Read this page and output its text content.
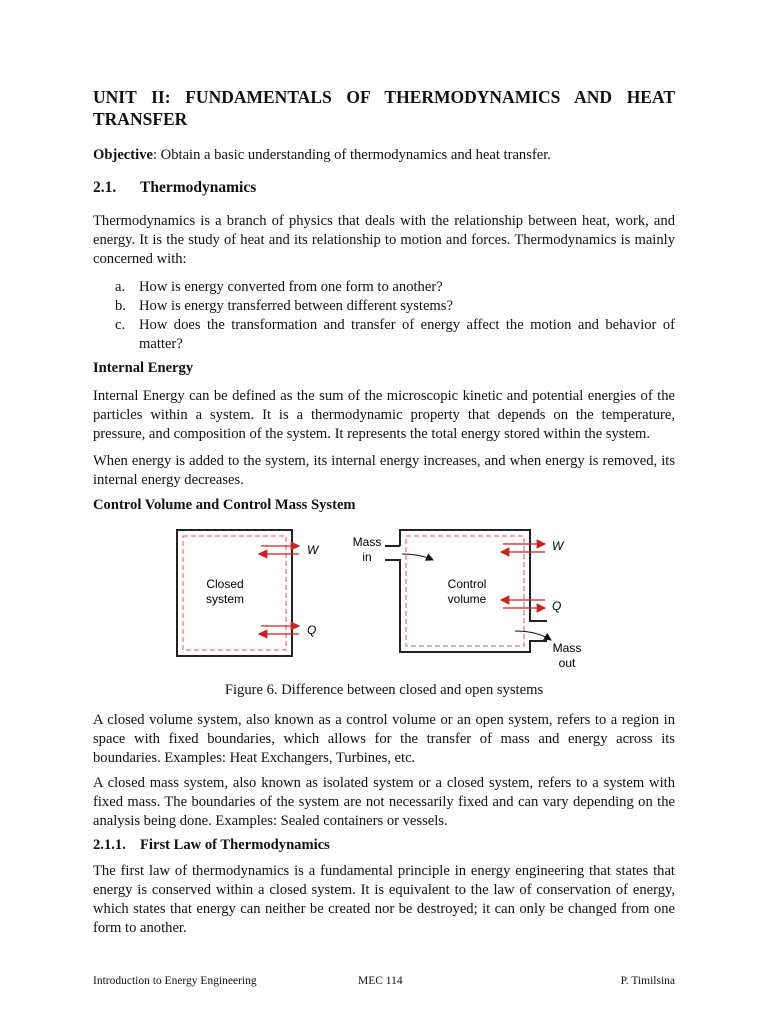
UNIT II: FUNDAMENTALS OF THERMODYNAMICS AND HEAT TRANSFER
Objective: Obtain a basic understanding of thermodynamics and heat transfer.
2.1. Thermodynamics
Thermodynamics is a branch of physics that deals with the relationship between heat, work, and energy. It is the study of heat and its relationship to motion and forces. Thermodynamics is mainly concerned with:
a. How is energy converted from one form to another?
b. How is energy transferred between different systems?
c. How does the transformation and transfer of energy affect the motion and behavior of matter?
Internal Energy
Internal Energy can be defined as the sum of the microscopic kinetic and potential energies of the particles within a system. It is a thermodynamic property that depends on the temperature, pressure, and composition of the system. It represents the total energy stored within the system.
When energy is added to the system, its internal energy increases, and when energy is removed, its internal energy decreases.
Control Volume and Control Mass System
Closed
system
W
Q
Mass
in
Control
volume
W
Q
Mass
out
Figure 6. Difference between closed and open systems
A closed volume system, also known as a control volume or an open system, refers to a region in space with fixed boundaries, which allows for the transfer of mass and energy across its boundaries. Examples: Heat Exchangers, Turbines, etc.
A closed mass system, also known as isolated system or a closed system, refers to a system with fixed mass. The boundaries of the system are not necessarily fixed and can vary depending on the analysis being done. Examples: Sealed containers or vessels.
2.1.1. First Law of Thermodynamics
The first law of thermodynamics is a fundamental principle in energy engineering that states that energy is conserved within a closed system. It is equivalent to the law of conservation of energy, which states that energy can neither be created nor be destroyed; it can only be changed from one form to another.
Introduction to Energy Engineering	MEC 114	P. Timilsina
